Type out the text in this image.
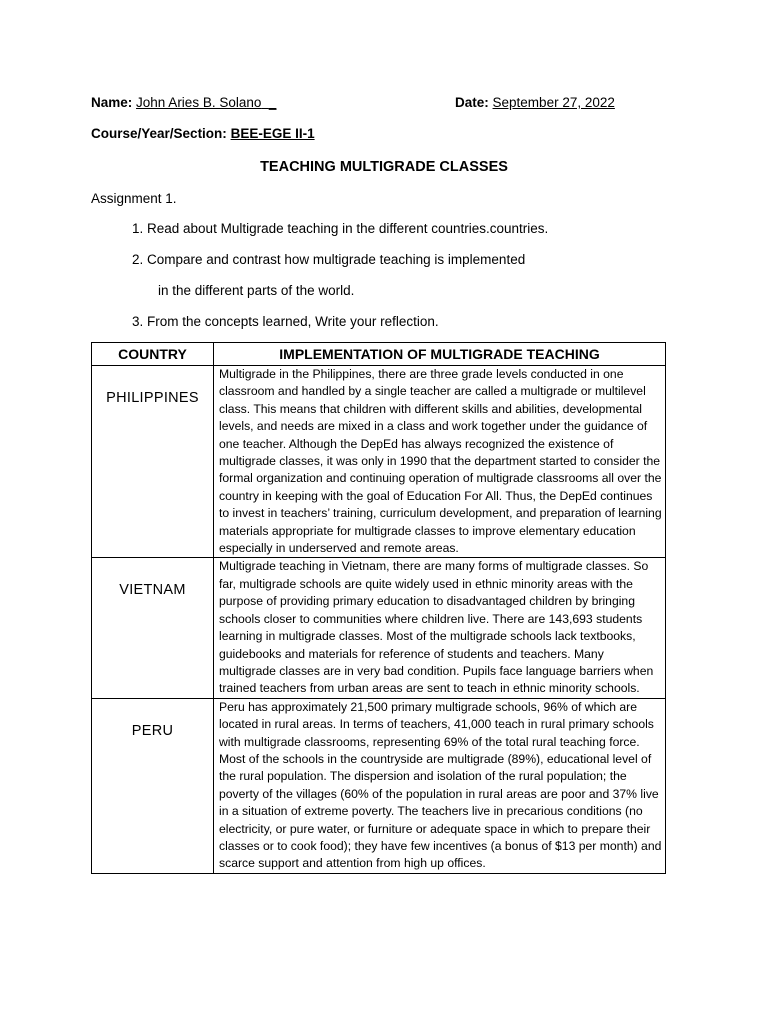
Name: John Aries B. Solano _	Date: September 27, 2022
Course/Year/Section: BEE-EGE II-1
TEACHING MULTIGRADE CLASSES
Assignment 1.
1. Read about Multigrade teaching in the different countries.countries.
2. Compare and contrast how multigrade teaching is implemented
in the different parts of the world.
3. From the concepts learned, Write your reflection.
COUNTRY	IMPLEMENTATION OF MULTIGRADE TEACHING

PHILIPPINES	Multigrade in the Philippines, there are three grade levels conducted in one classroom and handled by a single teacher are called a multigrade or multilevel class. This means that children with different skills and abilities, developmental levels, and needs are mixed in a class and work together under the guidance of one teacher. Although the DepEd has always recognized the existence of multigrade classes, it was only in 1990 that the department started to consider the formal organization and continuing operation of multigrade classrooms all over the country in keeping with the goal of Education For All. Thus, the DepEd continues to invest in teachers’ training, curriculum development, and preparation of learning materials appropriate for multigrade classes to improve elementary education especially in underserved and remote areas.

VIETNAM	Multigrade teaching in Vietnam, there are many forms of multigrade classes. So far, multigrade schools are quite widely used in ethnic minority areas with the purpose of providing primary education to disadvantaged children by bringing schools closer to communities where children live. There are 143,693 students learning in multigrade classes. Most of the multigrade schools lack textbooks, guidebooks and materials for reference of students and teachers. Many multigrade classes are in very bad condition. Pupils face language barriers when trained teachers from urban areas are sent to teach in ethnic minority schools.

PERU	Peru has approximately 21,500 primary multigrade schools, 96% of which are located in rural areas. In terms of teachers, 41,000 teach in rural primary schools with multigrade classrooms, representing 69% of the total rural teaching force. Most of the schools in the countryside are multigrade (89%), educational level of the rural population. The dispersion and isolation of the rural population; the poverty of the villages (60% of the population in rural areas are poor and 37% live in a situation of extreme poverty. The teachers live in precarious conditions (no electricity, or pure water, or furniture or adequate space in which to prepare their classes or to cook food); they have few incentives (a bonus of $13 per month) and scarce support and attention from high up offices.
